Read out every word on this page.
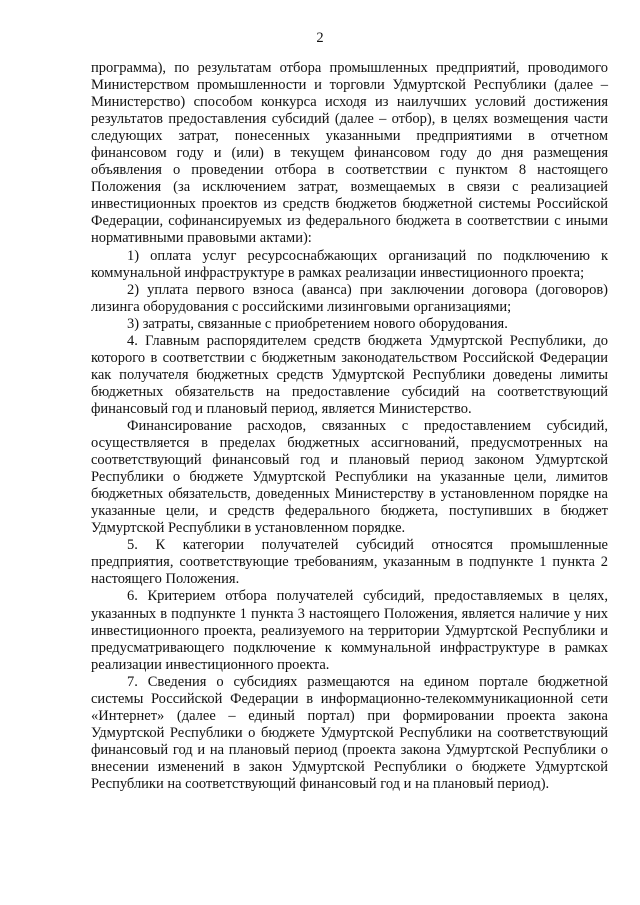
2

программа), по результатам отбора промышленных предприятий, проводимого Министерством промышленности и торговли Удмуртской Республики (далее – Министерство) способом конкурса исходя из наилучших условий достижения результатов предоставления субсидий (далее – отбор), в целях возмещения части следующих затрат, понесенных указанными предприятиями в отчетном финансовом году и (или) в текущем финансовом году до дня размещения объявления о проведении отбора в соответствии с пунктом 8 настоящего Положения (за исключением затрат, возмещаемых в связи с реализацией инвестиционных проектов из средств бюджетов бюджетной системы Российской Федерации, софинансируемых из федерального бюджета в соответствии с иными нормативными правовыми актами):

1) оплата услуг ресурсоснабжающих организаций по подключению к коммунальной инфраструктуре в рамках реализации инвестиционного проекта;

2) уплата первого взноса (аванса) при заключении договора (договоров) лизинга оборудования с российскими лизинговыми организациями;

3) затраты, связанные с приобретением нового оборудования.

4. Главным распорядителем средств бюджета Удмуртской Республики, до которого в соответствии с бюджетным законодательством Российской Федерации как получателя бюджетных средств Удмуртской Республики доведены лимиты бюджетных обязательств на предоставление субсидий на соответствующий финансовый год и плановый период, является Министерство.

Финансирование расходов, связанных с предоставлением субсидий, осуществляется в пределах бюджетных ассигнований, предусмотренных на соответствующий финансовый год и плановый период законом Удмуртской Республики о бюджете Удмуртской Республики на указанные цели, лимитов бюджетных обязательств, доведенных Министерству в установленном порядке на указанные цели, и средств федерального бюджета, поступивших в бюджет Удмуртской Республики в установленном порядке.

5. К категории получателей субсидий относятся промышленные предприятия, соответствующие требованиям, указанным в подпункте 1 пункта 2 настоящего Положения.

6. Критерием отбора получателей субсидий, предоставляемых в целях, указанных в подпункте 1 пункта 3 настоящего Положения, является наличие у них инвестиционного проекта, реализуемого на территории Удмуртской Республики и предусматривающего подключение к коммунальной инфраструктуре в рамках реализации инвестиционного проекта.

7. Сведения о субсидиях размещаются на едином портале бюджетной системы Российской Федерации в информационно-телекоммуникационной сети «Интернет» (далее – единый портал) при формировании проекта закона Удмуртской Республики о бюджете Удмуртской Республики на соответствующий финансовый год и на плановый период (проекта закона Удмуртской Республики о внесении изменений в закон Удмуртской Республики о бюджете Удмуртской Республики на соответствующий финансовый год и на плановый период).
